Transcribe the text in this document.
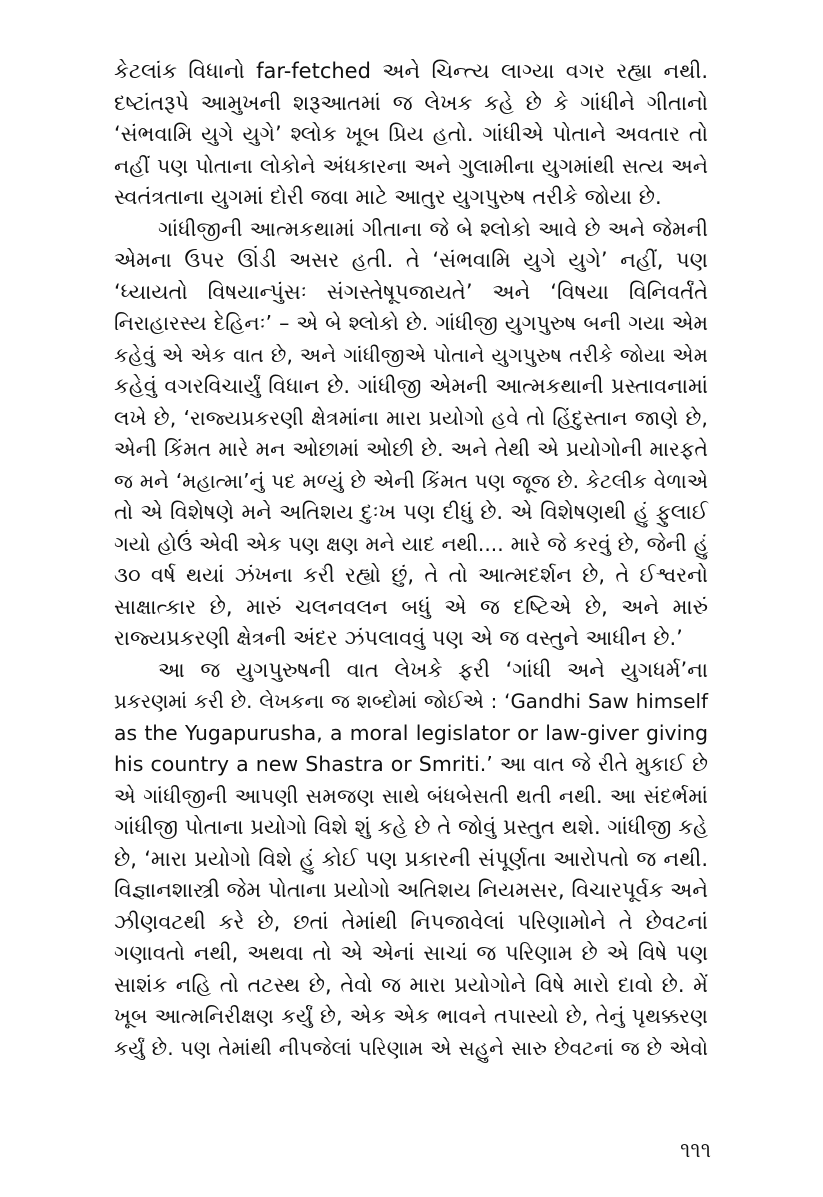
કેટલાંક વિધાનો far-fetched અને ચિન્ત્ય લાગ્યા વગર રહ્યા નથી.
દષ્ટાંતરૂપે આમુખની શરૂઆતમાં જ લેખક કહે છે કે ગાંધીને ગીતાનો
‘સંભવામિ યુગે યુગે’ શ્લોક ખૂબ પ્રિય હતો. ગાંધીએ પોતાને અવતાર તો
નહીં પણ પોતાના લોકોને અંધકારના અને ગુલામીના યુગમાંથી સત્ય અને
સ્વતંત્રતાના યુગમાં દોરી જવા માટે આતુર યુગપુરુષ તરીકે જોયા છે.
ગાંધીજીની આત્મકથામાં ગીતાના જે બે શ્લોકો આવે છે અને જેમની
એમના ઉપર ઊંડી અસર હતી. તે ‘સંભવામિ યુગે યુગે’ નહીં, પણ
‘ધ્યાયતો વિષયાન્પુંસઃ સંગસ્તેષૂપજાયતે’ અને ‘વિષયા વિનિવર્તંતે
નિરાહારસ્ય દેહિનઃ’ – એ બે શ્લોકો છે. ગાંધીજી યુગપુરુષ બની ગયા એમ
કહેવું એ એક વાત છે, અને ગાંધીજીએ પોતાને યુગપુરુષ તરીકે જોયા એમ
કહેવું વગરવિચાર્યું વિધાન છે. ગાંધીજી એમની આત્મકથાની પ્રસ્તાવનામાં
લખે છે, ‘રાજ્યપ્રકરણી ક્ષેત્રમાંના મારા પ્રયોગો હવે તો હિંદુસ્તાન જાણે છે,
એની કિંમત મારે મન ઓછામાં ઓછી છે. અને તેથી એ પ્રયોગોની મારફતે
જ મને ‘મહાત્મા’નું પદ મળ્યું છે એની કિંમત પણ જૂજ છે. કેટલીક વેળાએ
તો એ વિશેષણે મને અતિશય દુઃખ પણ દીધું છે. એ વિશેષણથી હું ફુલાઈ
ગયો હોઉં એવી એક પણ ક્ષણ મને યાદ નથી.... મારે જે કરવું છે, જેની હું
૩૦ વર્ષ થયાં ઝંખના કરી રહ્યો છું, તે તો આત્મદર્શન છે, તે ઈશ્વરનો
સાક્ષાત્કાર છે, મારું ચલનવલન બધું એ જ દષ્ટિએ છે, અને મારું
રાજ્યપ્રકરણી ક્ષેત્રની અંદર ઝંપલાવવું પણ એ જ વસ્તુને આધીન છે.’
આ જ યુગપુરુષની વાત લેખકે ફરી ‘ગાંધી અને યુગધર્મ’ના
પ્રકરણમાં કરી છે. લેખકના જ શબ્દોમાં જોઈએ : ‘Gandhi Saw himself
as the Yugapurusha, a moral legislator or law-giver giving
his country a new Shastra or Smriti.’ આ વાત જે રીતે મુકાઈ છે
એ ગાંધીજીની આપણી સમજણ સાથે બંધબેસતી થતી નથી. આ સંદર્ભમાં
ગાંધીજી પોતાના પ્રયોગો વિશે શું કહે છે તે જોવું પ્રસ્તુત થશે. ગાંધીજી કહે
છે, ‘મારા પ્રયોગો વિશે હું કોઈ પણ પ્રકારની સંપૂર્ણતા આરોપતો જ નથી.
વિજ્ઞાનશાસ્ત્રી જેમ પોતાના પ્રયોગો અતિશય નિયમસર, વિચારપૂર્વક અને
ઝીણવટથી કરે છે, છતાં તેમાંથી નિપજાવેલાં પરિણામોને તે છેવટનાં
ગણાવતો નથી, અથવા તો એ એનાં સાચાં જ પરિણામ છે એ વિષે પણ
સાશંક નહિ તો તટસ્થ છે, તેવો જ મારા પ્રયોગોને વિષે મારો દાવો છે. મેં
ખૂબ આત્મનિરીક્ષણ કર્યું છે, એક એક ભાવને તપાસ્યો છે, તેનું પૃથક્કરણ
કર્યું છે. પણ તેમાંથી નીપજેલાં પરિણામ એ સહુને સારુ છેવટનાં જ છે એવો
૧૧૧
